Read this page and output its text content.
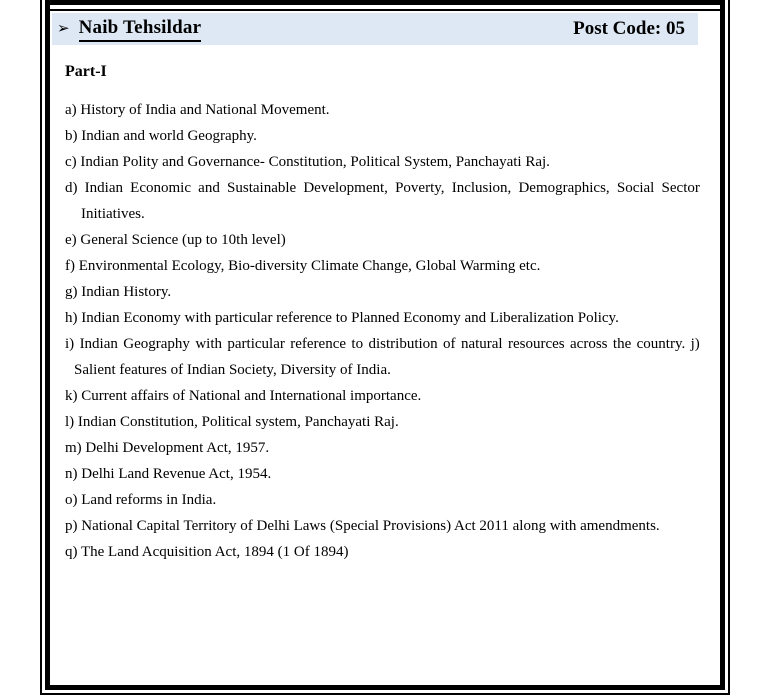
➢ Naib Tehsildar	Post Code: 05
Part-I
a) History of India and National Movement.
b) Indian and world Geography.
c) Indian Polity and Governance- Constitution, Political System, Panchayati Raj.
d) Indian Economic and Sustainable Development, Poverty, Inclusion, Demographics, Social Sector
Initiatives.
e) General Science (up to 10th level)
f) Environmental Ecology, Bio-diversity Climate Change, Global Warming etc.
g) Indian History.
h) Indian Economy with particular reference to Planned Economy and Liberalization Policy.
i) Indian Geography with particular reference to distribution of natural resources across the country. j)
Salient features of Indian Society, Diversity of India.
k) Current affairs of National and International importance.
l) Indian Constitution, Political system, Panchayati Raj.
m) Delhi Development Act, 1957.
n) Delhi Land Revenue Act, 1954.
o) Land reforms in India.
p) National Capital Territory of Delhi Laws (Special Provisions) Act 2011 along with amendments.
q) The Land Acquisition Act, 1894 (1 Of 1894)
